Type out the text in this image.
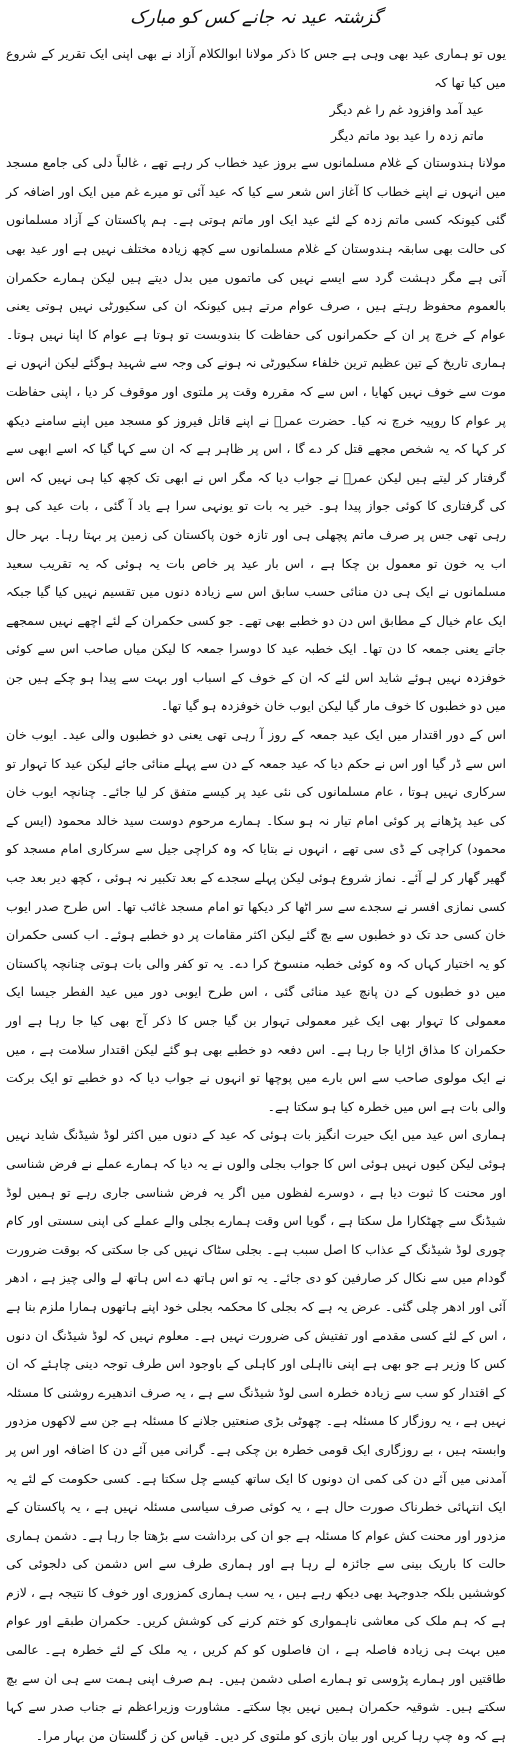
گزشتہ عید نہ جانے کس کو مبارک

یوں تو ہماری عید بھی وہی ہے جس کا ذکر مولانا ابوالکلام آزاد نے بھی اپنی ایک تقریر کے شروع میں کیا تھا کہ

عید آمد وافزود غم را غم دیگر

ماتم زدہ را عید بود ماتم دیگر

مولانا ہندوستان کے غلام مسلمانوں سے بروز عید خطاب کر رہے تھے ، غالباً دلی کی جامع مسجد میں انہوں نے اپنے خطاب کا آغاز اس شعر سے کیا کہ عید آئی تو میرے غم میں ایک اور اضافہ کر گئی کیونکہ کسی ماتم زدہ کے لئے عید ایک اور ماتم ہوتی ہے۔ ہم پاکستان کے آزاد مسلمانوں کی حالت بھی سابقہ ہندوستان کے غلام مسلمانوں سے کچھ زیادہ مختلف نہیں ہے اور عید بھی آتی ہے مگر دہشت گرد سے ایسے نہیں کی ماتموں میں بدل دیتے ہیں لیکن ہمارے حکمران بالعموم محفوظ رہتے ہیں ، صرف عوام مرتے ہیں کیونکہ ان کی سکیورٹی نہیں ہوتی یعنی عوام کے خرچ پر ان کے حکمرانوں کی حفاظت کا بندوبست تو ہوتا ہے عوام کا اپنا نہیں ہوتا۔ ہماری تاریخ کے تین عظیم ترین خلفاء سکیورٹی نہ ہونے کی وجہ سے شہید ہوگئے لیکن انہوں نے موت سے خوف نہیں کھایا ، اس سے کہ مقررہ وقت پر ملتوی اور موقوف کر دیا ، اپنی حفاظت پر عوام کا روپیہ خرچ نہ کیا۔ حضرت عمرؓ نے اپنے قاتل فیروز کو مسجد میں اپنے سامنے دیکھ کر کہا کہ یہ شخص مجھے قتل کر دے گا ، اس پر ظاہر ہے کہ ان سے کہا گیا کہ اسے ابھی سے گرفتار کر لیتے ہیں لیکن عمرؓ نے جواب دیا کہ مگر اس نے ابھی تک کچھ کیا ہی نہیں کہ اس کی گرفتاری کا کوئی جواز پیدا ہو۔ خیر یہ بات تو یونہی سرا ہے یاد آ گئی ، بات عید کی ہو رہی تھی جس پر صرف ماتم پچھلی ہی اور تازہ خون پاکستان کی زمین پر بہتا رہا۔ بہر حال اب یہ خون تو معمول بن چکا ہے ، اس بار عید پر خاص بات یہ ہوئی کہ یہ تقریب سعید مسلمانوں نے ایک ہی دن منائی حسب سابق اس سے زیادہ دنوں میں تقسیم نہیں کیا گیا جبکہ ایک عام خیال کے مطابق اس دن دو خطبے بھی تھے۔ جو کسی حکمران کے لئے اچھے نہیں سمجھے جاتے یعنی جمعہ کا دن تھا۔ ایک خطبہ عید کا دوسرا جمعہ کا لیکن میاں صاحب اس سے کوئی خوفزدہ نہیں ہوئے شاید اس لئے کہ ان کے خوف کے اسباب اور بہت سے پیدا ہو چکے ہیں جن میں دو خطبوں کا خوف مار گیا لیکن ایوب خان خوفزدہ ہو گیا تھا۔

اس کے دور اقتدار میں ایک عید جمعہ کے روز آ رہی تھی یعنی دو خطبوں والی عید۔ ایوب خان اس سے ڈر گیا اور اس نے حکم دیا کہ عید جمعہ کے دن سے پہلے منائی جائے لیکن عید کا تہوار تو سرکاری نہیں ہوتا ، عام مسلمانوں کی نئی عید پر کیسے متفق کر لیا جائے۔ چنانچہ ایوب خان کی عید پڑھانے پر کوئی امام تیار نہ ہو سکا۔ ہمارے مرحوم دوست سید خالد محمود (ایس کے محمود) کراچی کے ڈی سی تھے ، انہوں نے بتایا کہ وہ کراچی جیل سے سرکاری امام مسجد کو گھیر گھار کر لے آئے۔ نماز شروع ہوئی لیکن پہلے سجدے کے بعد تکبیر نہ ہوئی ، کچھ دیر بعد جب کسی نمازی افسر نے سجدے سے سر اٹھا کر دیکھا تو امام مسجد غائب تھا۔ اس طرح صدر ایوب خان کسی حد تک دو خطبوں سے بچ گئے لیکن اکثر مقامات پر دو خطبے ہوئے۔ اب کسی حکمران کو یہ اختیار کہاں کہ وہ کوئی خطبہ منسوخ کرا دے۔ یہ تو کفر والی بات ہوتی چنانچہ پاکستان میں دو خطبوں کے دن پانچ عید منائی گئی ، اس طرح ایوبی دور میں عید الفطر جیسا ایک معمولی کا تہوار بھی ایک غیر معمولی تہوار بن گیا جس کا ذکر آج بھی کیا جا رہا ہے اور حکمران کا مذاق اڑایا جا رہا ہے۔ اس دفعہ دو خطبے بھی ہو گئے لیکن اقتدار سلامت ہے ، میں نے ایک مولوی صاحب سے اس بارے میں پوچھا تو انہوں نے جواب دیا کہ دو خطبے تو ایک برکت والی بات ہے اس میں خطرہ کیا ہو سکتا ہے۔

ہماری اس عید میں ایک حیرت انگیز بات ہوئی کہ عید کے دنوں میں اکثر لوڈ شیڈنگ شاید نہیں ہوئی لیکن کیوں نہیں ہوئی اس کا جواب بجلی والوں نے یہ دیا کہ ہمارے عملے نے فرض شناسی اور محنت کا ثبوت دیا ہے ، دوسرے لفظوں میں اگر یہ فرض شناسی جاری رہے تو ہمیں لوڈ شیڈنگ سے چھٹکارا مل سکتا ہے ، گویا اس وقت ہمارے بجلی والے عملے کی اپنی سستی اور کام چوری لوڈ شیڈنگ کے عذاب کا اصل سبب ہے۔ بجلی سٹاک نہیں کی جا سکتی کہ بوقت ضرورت گودام میں سے نکال کر صارفین کو دی جائے۔ یہ تو اس ہاتھ دے اس ہاتھ لے والی چیز ہے ، ادھر آئی اور ادھر چلی گئی۔ عرض یہ ہے کہ بجلی کا محکمہ بجلی خود اپنے ہاتھوں ہمارا ملزم بنا ہے ، اس کے لئے کسی مقدمے اور تفتیش کی ضرورت نہیں ہے۔ معلوم نہیں کہ لوڈ شیڈنگ ان دنوں کس کا وزیر ہے جو بھی ہے اپنی نااہلی اور کاہلی کے باوجود اس طرف توجہ دینی چاہئے کہ ان کے اقتدار کو سب سے زیادہ خطرہ اسی لوڈ شیڈنگ سے ہے ، یہ صرف اندھیرے روشنی کا مسئلہ نہیں ہے ، یہ روزگار کا مسئلہ ہے۔ چھوٹی بڑی صنعتیں جلانے کا مسئلہ ہے جن سے لاکھوں مزدور وابستہ ہیں ، بے روزگاری ایک قومی خطرہ بن چکی ہے۔ گرانی میں آئے دن کا اضافہ اور اس پر آمدنی میں آئے دن کی کمی ان دونوں کا ایک ساتھ کیسے چل سکتا ہے۔ کسی حکومت کے لئے یہ ایک انتہائی خطرناک صورت حال ہے ، یہ کوئی صرف سیاسی مسئلہ نہیں ہے ، یہ پاکستان کے مزدور اور محنت کش عوام کا مسئلہ ہے جو ان کی برداشت سے بڑھتا جا رہا ہے۔ دشمن ہماری حالت کا باریک بینی سے جائزہ لے رہا ہے اور ہماری طرف سے اس دشمن کی دلجوئی کی کوششیں بلکہ جدوجہد بھی دیکھ رہے ہیں ، یہ سب ہماری کمزوری اور خوف کا نتیجہ ہے ، لازم ہے کہ ہم ملک کی معاشی ناہمواری کو ختم کرنے کی کوشش کریں۔ حکمران طبقے اور عوام میں بہت ہی زیادہ فاصلہ ہے ، ان فاصلوں کو کم کریں ، یہ ملک کے لئے خطرہ ہے۔ عالمی طاقتیں اور ہمارے پڑوسی تو ہمارے اصلی دشمن ہیں۔ ہم صرف اپنی ہمت سے ہی ان سے بچ سکتے ہیں۔ شوقیہ حکمران ہمیں نہیں بچا سکتے۔ مشاورت وزیراعظم نے جناب صدر سے کہا ہے کہ وہ چپ رہا کریں اور بیان بازی کو ملتوی کر دیں۔ قیاس کن ز گلستان من بہار مرا۔
